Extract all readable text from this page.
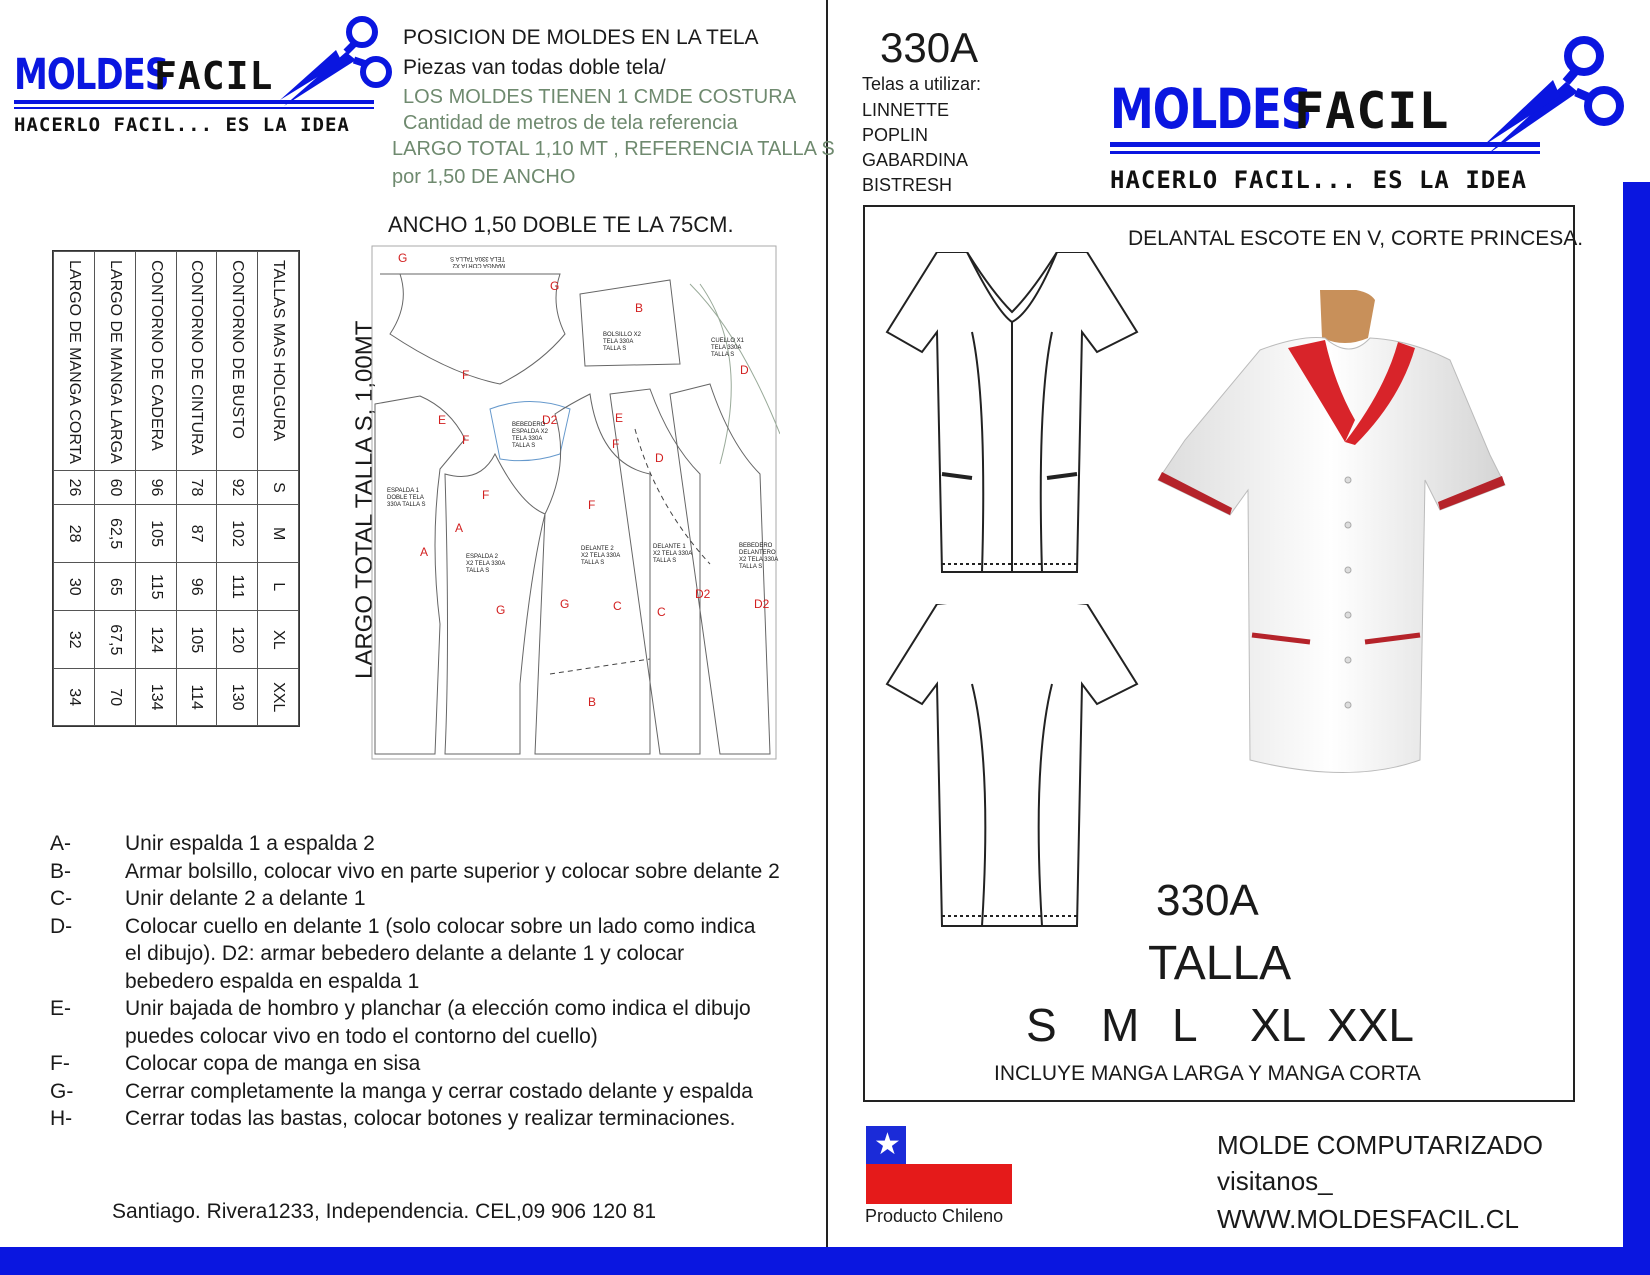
MOLDES
FACIL
HACERLO FACIL... ES LA IDEA
POSICION DE MOLDES EN LA TELA
Piezas van todas doble tela/
LOS MOLDES TIENEN 1 CMDE COSTURA
Cantidad de metros de tela referencia
LARGO TOTAL 1,10 MT , REFERENCIA TALLA S
por 1,50 DE ANCHO
ANCHO 1,50 DOBLE TE LA 75CM.
TALLAS MAS HOLGURA	S	M	L	XL	XXL
CONTORNO DE BUSTO	92	102	111	120	130
CONTORNO DE CINTURA	78	87	96	105	114
CONTORNO DE CADERA	96	105	115	124	134
LARGO DE MANGA LARGA	60	62,5	65	67,5	70
LARGO DE MANGA CORTA	26	28	30	32	34
LARGO TOTAL TALLA S, 1,00MT
G
G
B
F	D
E
F
D2	E
F
D
F
F
A
A
D2
D2
G	G	C	C
B
BOLSILLO X2 TELA 330A TALLA S
CUELLO X1 TELA 330A TALLA S
BEBEDERO ESPALDA X2 TELA 330A TALLA S
ESPALDA 1 DOBLE TELA 330A TALLA S
ESPALDA 2 X2 TELA 330A TALLA S
DELANTE 2 X2 TELA 330A TALLA S
DELANTE 1 X2 TELA 330A TALLA S
BEBEDERO DELANTERO X2 TELA 330A TALLA S
MANGA CORTA X2 TELA 330A TALLA S
A-	Unir espalda 1 a espalda 2
B-	Armar bolsillo, colocar vivo en parte superior y colocar sobre delante 2
C-	Unir delante 2 a delante 1
D-	Colocar cuello en delante 1 (solo colocar sobre un lado como indica el dibujo). D2: armar bebedero delante a delante 1 y colocar bebedero espalda en espalda 1
E-	Unir bajada de hombro y planchar (a elección como indica el dibujo puedes colocar vivo en todo el contorno del cuello)
F-	Colocar copa de manga en sisa
G-	Cerrar completamente la manga y cerrar costado delante y espalda
H-	Cerrar todas las bastas, colocar botones y realizar terminaciones.
Santiago. Rivera1233, Independencia. CEL,09 906 120 81
330A
Telas a utilizar:
LINNETTE
POPLIN
GABARDINA
BISTRESH
MOLDES
FACIL
HACERLO FACIL... ES LA IDEA
DELANTAL ESCOTE EN V, CORTE PRINCESA.
330A
TALLA
S M L XL XXL
INCLUYE MANGA LARGA Y MANGA CORTA
★
Producto Chileno
MOLDE COMPUTARIZADO
visitanos_
WWW.MOLDESFACIL.CL
